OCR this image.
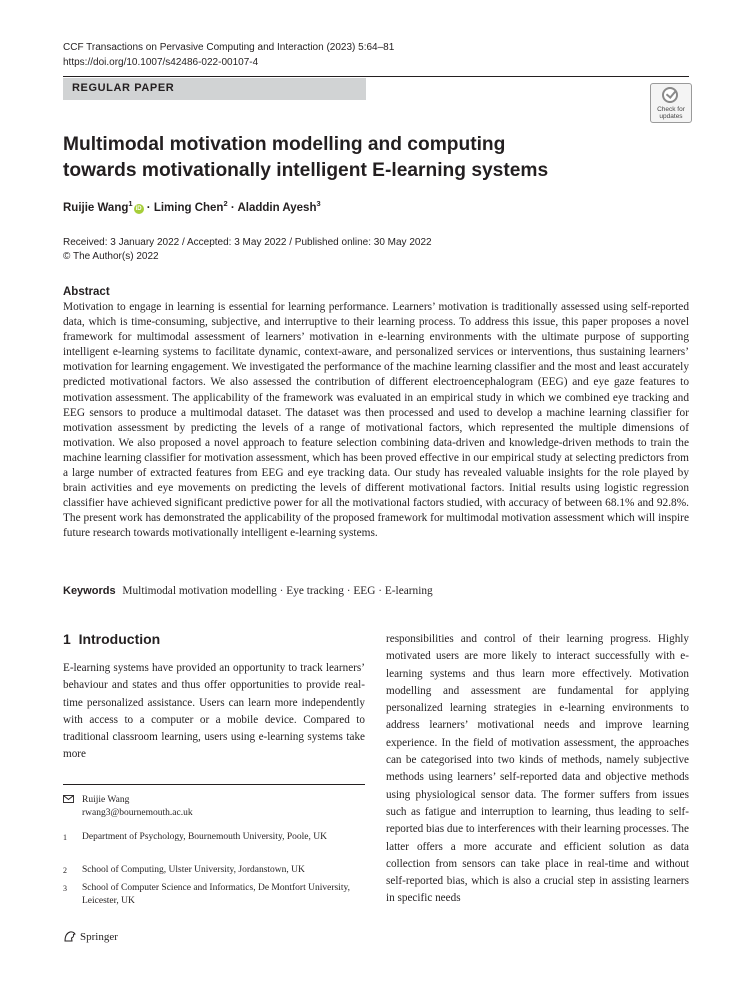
CCF Transactions on Pervasive Computing and Interaction (2023) 5:64–81
https://doi.org/10.1007/s42486-022-00107-4
REGULAR PAPER
Check for
updates
Multimodal motivation modelling and computing
towards motivationally intelligent E-learning systems
Ruijie Wang$^1$iD · Liming Chen$^2$ · Aladdin Ayesh$^3$
Received: 3 January 2022 / Accepted: 3 May 2022 / Published online: 30 May 2022
© The Author(s) 2022
Abstract

Motivation to engage in learning is essential for learning performance. Learners’ motivation is traditionally assessed using self-reported data, which is time-consuming, subjective, and interruptive to their learning process. To address this issue, this paper proposes a novel framework for multimodal assessment of learners’ motivation in e-learning environments with the ultimate purpose of supporting intelligent e-learning systems to facilitate dynamic, context-aware, and personalized services or interventions, thus sustaining learners’ motivation for learning engagement. We investigated the performance of the machine learning classifier and the most and least accurately predicted motivational factors. We also assessed the contribution of different electroencephalogram (EEG) and eye gaze features to motivation assessment. The applicability of the framework was evaluated in an empirical study in which we combined eye tracking and EEG sensors to produce a multimodal dataset. The dataset was then processed and used to develop a machine learning classifier for motivation assessment by predicting the levels of a range of motivational factors, which represented the multiple dimensions of motivation. We also proposed a novel approach to feature selection combining data-driven and knowledge-driven methods to train the machine learning classifier for motivation assessment, which has been proved effective in our empirical study at selecting predictors from a large number of extracted features from EEG and eye tracking data. Our study has revealed valuable insights for the role played by brain activities and eye movements on predicting the levels of different motivational factors. Initial results using logistic regression classifier have achieved significant predictive power for all the motivational factors studied, with accuracy of between 68.1% and 92.8%. The present work has demonstrated the applicability of the proposed framework for multimodal motivation assessment which will inspire future research towards motivationally intelligent e-learning systems.

Keywords Multimodal motivation modelling · Eye tracking · EEG · E-learning
1 Introduction

E-learning systems have provided an opportunity to track learners’ behaviour and states and thus offer opportunities to provide real-time personalized assistance. Users can learn more independently with access to a computer or a mobile device. Compared to traditional classroom learning, users using e-learning systems take more

responsibilities and control of their learning progress. Highly motivated users are more likely to interact successfully with e-learning systems and thus learn more effectively. Motivation modelling and assessment are fundamental for applying personalized learning strategies in e-learning environments to address learners’ motivational needs and improve learning experience. In the field of motivation assessment, the approaches can be categorised into two kinds of methods, namely subjective methods using learners’ self-reported data and objective methods using physiological sensor data. The former suffers from issues such as fatigue and interruption to learning, thus leading to self-reported bias due to interferences with their learning processes. The latter offers a more accurate and efficient solution as data collection from sensors can take place in real-time and without self-reported bias, which is also a crucial step in assisting learners in specific needs

Ruijie Wang
rwang3@bournemouth.ac.uk
1 Department of Psychology, Bournemouth University, Poole, UK
2 School of Computing, Ulster University, Jordanstown, UK
3 School of Computer Science and Informatics, De Montfort University, Leicester, UK
Springer
